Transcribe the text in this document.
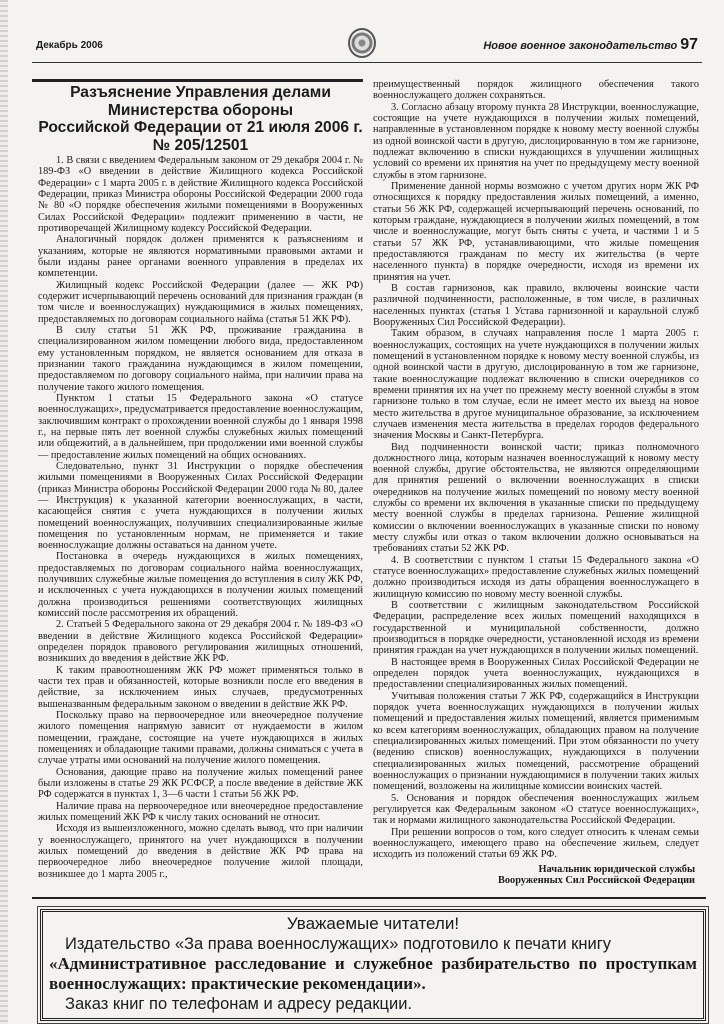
Декабрь 2006	Новое военное законодательство 97
Разъяснение Управления делами
Министерства обороны
Российской Федерации от 21 июля 2006 г.
№ 205/12501

1. В связи с введением Федеральным законом от 29 декабря 2004 г. № 189-ФЗ «О введении в действие Жилищного кодекса Российской Федерации» с 1 марта 2005 г. в действие Жилищного кодекса Российской Федерации, приказ Министра обороны Российской Федерации 2000 года № 80 «О порядке обеспечения жилыми помещениями в Вооруженных Силах Российской Федерации» подлежит применению в части, не противоречащей Жилищному кодексу Российской Федерации.

Аналогичный порядок должен применятся к разъяснениям и указаниям, которые не являются нормативными правовыми актами и были изданы ранее органами военного управления в пределах их компетенции.

Жилищный кодекс Российской Федерации (далее — ЖК РФ) содержит исчерпывающий перечень оснований для признания граждан (в том числе и военнослужащих) нуждающимися в жилых помещениях, предоставляемых по договорам социального найма (статья 51 ЖК РФ).

В силу статьи 51 ЖК РФ, проживание гражданина в специализированном жилом помещении любого вида, предоставленном ему установленным порядком, не является основанием для отказа в признании такого гражданина нуждающимся в жилом помещении, предоставляемом по договору социального найма, при наличии права на получение такого жилого помещения.

Пунктом 1 статьи 15 Федерального закона «О статусе военнослужащих», предусматривается предоставление военнослужащим, заключившим контракт о прохождении военной службы до 1 января 1998 г., на первые пять лет военной службы служебных жилых помещений или общежитий, а в дальнейшем, при продолжении ими военной службы — предоставление жилых помещений на общих основаниях.

Следовательно, пункт 31 Инструкции о порядке обеспечения жилыми помещениями в Вооруженных Силах Российской Федерации (приказ Министра обороны Российской Федерации 2000 года № 80, далее — Инструкция) к указанной категории военнослужащих, в части, касающейся снятия с учета нуждающихся в получении жилых помещений военнослужащих, получивших специализированные жилые помещения по установленным нормам, не применяется и такие военнослужащие должны оставаться на данном учете.

Постановка в очередь нуждающихся в жилых помещениях, предоставляемых по договорам социального найма военнослужащих, получивших служебные жилые помещения до вступления в силу ЖК РФ, и исключенных с учета нуждающихся в получении жилых помещений должна производиться решениями соответствующих жилищных комиссий после рассмотрения их обращений.

2. Статьей 5 Федерального закона от 29 декабря 2004 г. № 189-ФЗ «О введении в действие Жилищного кодекса Российской Федерации» определен порядок правового регулирования жилищных отношений, возникших до введения в действие ЖК РФ.

К таким правоотношениям ЖК РФ может применяться только в части тех прав и обязанностей, которые возникли после его введения в действие, за исключением иных случаев, предусмотренных вышеназванным федеральным законом о введении в действие ЖК РФ.

Поскольку право на первоочередное или внеочередное получение жилого помещения напрямую зависит от нуждаемости в жилом помещении, граждане, состоящие на учете нуждающихся в жилых помещениях и обладающие такими правами, должны сниматься с учета в случае утраты ими оснований на получение жилого помещения.

Основания, дающие право на получение жилых помещений ранее были изложены в статье 29 ЖК РСФСР, а после введение в действие ЖК РФ содержатся в пунктах 1, 3—6 части 1 статьи 56 ЖК РФ.

Наличие права на первоочередное или внеочередное предоставление жилых помещений ЖК РФ к числу таких оснований не относит.

Исходя из вышеизложенного, можно сделать вывод, что при наличии у военнослужащего, принятого на учет нуждающихся в получении жилых помещений до введения в действие ЖК РФ права на первоочередное либо внеочередное получение жилой площади, возникшее до 1 марта 2005 г.,

преимущественный порядок жилищного обеспечения такого военнослужащего должен сохраняться.

3. Согласно абзацу второму пункта 28 Инструкции, военнослужащие, состоящие на учете нуждающихся в получении жилых помещений, направленные в установленном порядке к новому месту военной службы из одной воинской части в другую, дислоцированную в том же гарнизоне, подлежат включению в списки нуждающихся в улучшении жилищных условий со времени их принятия на учет по предыдущему месту военной службы в этом гарнизоне.

Применение данной нормы возможно с учетом других норм ЖК РФ относящихся к порядку предоставления жилых помещений, а именно, статьи 56 ЖК РФ, содержащей исчерпывающий перечень оснований, по которым граждане, нуждающиеся в получении жилых помещений, в том числе и военнослужащие, могут быть сняты с учета, и частями 1 и 5 статьи 57 ЖК РФ, устанавливающими, что жилые помещения предоставляются гражданам по месту их жительства (в черте населенного пункта) в порядке очередности, исходя из времени их принятия на учет.

В состав гарнизонов, как правило, включены воинские части различной подчиненности, расположенные, в том числе, в различных населенных пунктах (статья 1 Устава гарнизонной и караульной служб Вооруженных Сил Российской Федерации).

Таким образом, в случаях направления после 1 марта 2005 г. военнослужащих, состоящих на учете нуждающихся в получении жилых помещений в установленном порядке к новому месту военной службы, из одной воинской части в другую, дислоцированную в том же гарнизоне, такие военнослужащие подлежат включению в списки очередников со времени принятия их на учет по прежнему месту военной службы в этом гарнизоне только в том случае, если не имеет место их выезд на новое место жительства в другое муниципальное образование, за исключением случаев изменения места жительства в пределах городов федерального значения Москвы и Санкт-Петербурга.

Вид подчиненности воинской части; приказ полномочного должностного лица, которым назначен военнослужащий к новому месту военной службы, другие обстоятельства, не являются определяющими для принятия решений о включении военнослужащих в списки очередников на получение жилых помещений по новому месту военной службы со времени их включения в указанные списки по предыдущему месту военной службы в пределах гарнизона. Решение жилищной комиссии о включении военнослужащих в указанные списки по новому месту службы или отказ о таком включении должно основываться на требованиях статьи 52 ЖК РФ.

4. В соответствии с пунктом 1 статьи 15 Федерального закона «О статусе военнослужащих» предоставление служебных жилых помещений должно производиться исходя из даты обращения военнослужащего в жилищную комиссию по новому месту военной службы.

В соответствии с жилищным законодательством Российской Федерации, распределение всех жилых помещений находящихся в государственной и муниципальной собственности, должно производиться в порядке очередности, установленной исходя из времени принятия граждан на учет нуждающихся в получении жилых помещений.

В настоящее время в Вооруженных Силах Российской Федерации не определен порядок учета военнослужащих, нуждающихся в предоставлении специализированных жилых помещений.

Учитывая положения статьи 7 ЖК РФ, содержащийся в Инструкции порядок учета военнослужащих нуждающихся в получении жилых помещений и предоставления жилых помещений, является применимым ко всем категориям военнослужащих, обладающих правом на получение специализированных жилых помещений. При этом обязанности по учету (ведению списков) военнослужащих, нуждающихся в получении специализированных жилых помещений, рассмотрение обращений военнослужащих о признании нуждающимися в получении таких жилых помещений, возложены на жилищные комиссии воинских частей.

5. Основания и порядок обеспечения военнослужащих жильем регулируется как Федеральным законом «О статусе военнослужащих», так и нормами жилищного законодательства Российской Федерации.

При решении вопросов о том, кого следует относить к членам семьи военнослужащего, имеющего право на обеспечение жильем, следует исходить из положений статьи 69 ЖК РФ.

Начальник юридической службы
Вооруженных Сил Российской Федерации
Уважаемые читатели!
Издательство «За права военнослужащих» подготовило к печати книгу
«Административное расследование и служебное разбирательство по проступкам военнослужащих: практические рекомендации».
Заказ книг по телефонам и адресу редакции.
